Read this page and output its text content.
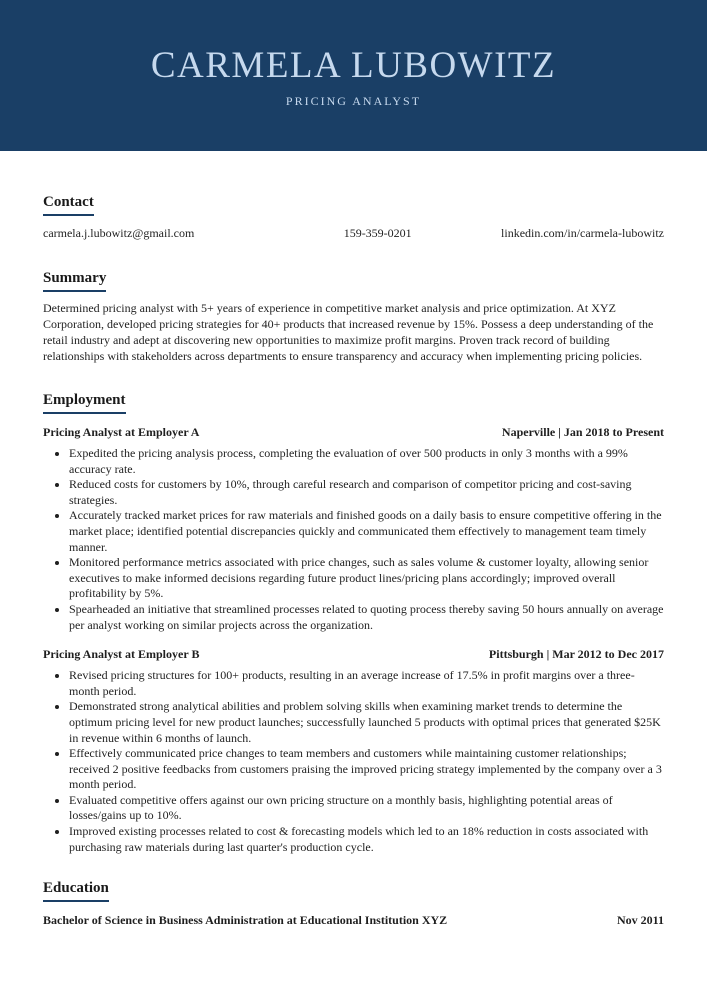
CARMELA LUBOWITZ
PRICING ANALYST
Contact
carmela.j.lubowitz@gmail.com	159-359-0201	linkedin.com/in/carmela-lubowitz
Summary
Determined pricing analyst with 5+ years of experience in competitive market analysis and price optimization. At XYZ Corporation, developed pricing strategies for 40+ products that increased revenue by 15%. Possess a deep understanding of the retail industry and adept at discovering new opportunities to maximize profit margins. Proven track record of building relationships with stakeholders across departments to ensure transparency and accuracy when implementing pricing policies.
Employment
Pricing Analyst at Employer A	Naperville | Jan 2018 to Present
• Expedited the pricing analysis process, completing the evaluation of over 500 products in only 3 months with a 99% accuracy rate.
• Reduced costs for customers by 10%, through careful research and comparison of competitor pricing and cost-saving strategies.
• Accurately tracked market prices for raw materials and finished goods on a daily basis to ensure competitive offering in the market place; identified potential discrepancies quickly and communicated them effectively to management team timely manner.
• Monitored performance metrics associated with price changes, such as sales volume & customer loyalty, allowing senior executives to make informed decisions regarding future product lines/pricing plans accordingly; improved overall profitability by 5%.
• Spearheaded an initiative that streamlined processes related to quoting process thereby saving 50 hours annually on average per analyst working on similar projects across the organization.
Pricing Analyst at Employer B	Pittsburgh | Mar 2012 to Dec 2017
• Revised pricing structures for 100+ products, resulting in an average increase of 17.5% in profit margins over a three-month period.
• Demonstrated strong analytical abilities and problem solving skills when examining market trends to determine the optimum pricing level for new product launches; successfully launched 5 products with optimal prices that generated $25K in revenue within 6 months of launch.
• Effectively communicated price changes to team members and customers while maintaining customer relationships; received 2 positive feedbacks from customers praising the improved pricing strategy implemented by the company over a 3 month period.
• Evaluated competitive offers against our own pricing structure on a monthly basis, highlighting potential areas of losses/gains up to 10%.
• Improved existing processes related to cost & forecasting models which led to an 18% reduction in costs associated with purchasing raw materials during last quarter's production cycle.
Education
Bachelor of Science in Business Administration at Educational Institution XYZ	Nov 2011
